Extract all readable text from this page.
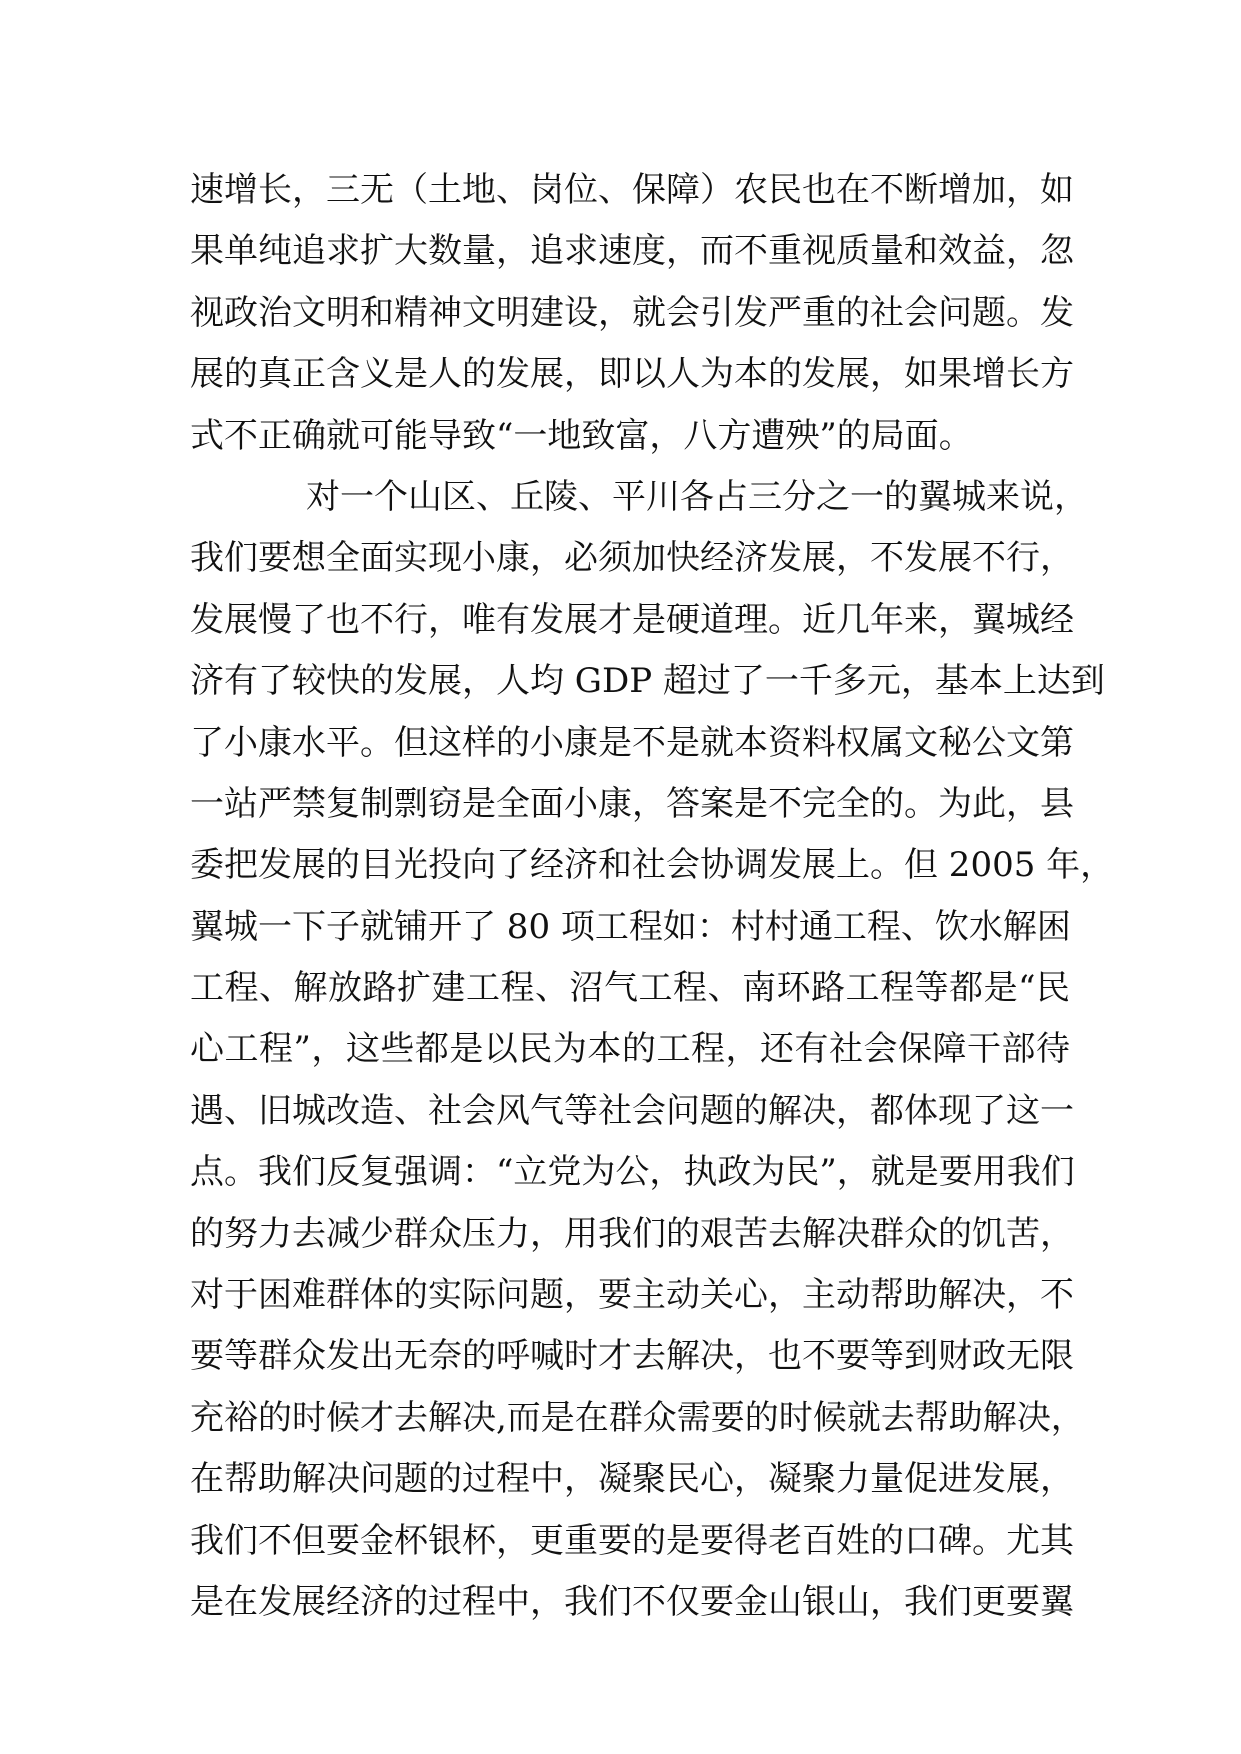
速增长，三无（土地、岗位、保障）农民也在不断增加，如
果单纯追求扩大数量，追求速度，而不重视质量和效益，忽
视政治文明和精神文明建设，就会引发严重的社会问题。发
展的真正含义是人的发展，即以人为本的发展，如果增长方
式不正确就可能导致“一地致富，八方遭殃”的局面。
对一个山区、丘陵、平川各占三分之一的翼城来说，
我们要想全面实现小康，必须加快经济发展，不发展不行，
发展慢了也不行，唯有发展才是硬道理。近几年来，翼城经
济有了较快的发展，人均 GDP 超过了一千多元，基本上达到
了小康水平。但这样的小康是不是就本资料权属文秘公文第
一站严禁复制剽窃是全面小康，答案是不完全的。为此，县
委把发展的目光投向了经济和社会协调发展上。但 2005 年，
翼城一下子就铺开了 80 项工程如：村村通工程、饮水解困
工程、解放路扩建工程、沼气工程、南环路工程等都是“民
心工程”，这些都是以民为本的工程，还有社会保障干部待
遇、旧城改造、社会风气等社会问题的解决，都体现了这一
点。我们反复强调：“立党为公，执政为民”，就是要用我们
的努力去减少群众压力，用我们的艰苦去解决群众的饥苦，
对于困难群体的实际问题，要主动关心，主动帮助解决，不
要等群众发出无奈的呼喊时才去解决，也不要等到财政无限
充裕的时候才去解决,而是在群众需要的时候就去帮助解决，
在帮助解决问题的过程中，凝聚民心，凝聚力量促进发展，
我们不但要金杯银杯，更重要的是要得老百姓的口碑。尤其
是在发展经济的过程中，我们不仅要金山银山，我们更要翼
